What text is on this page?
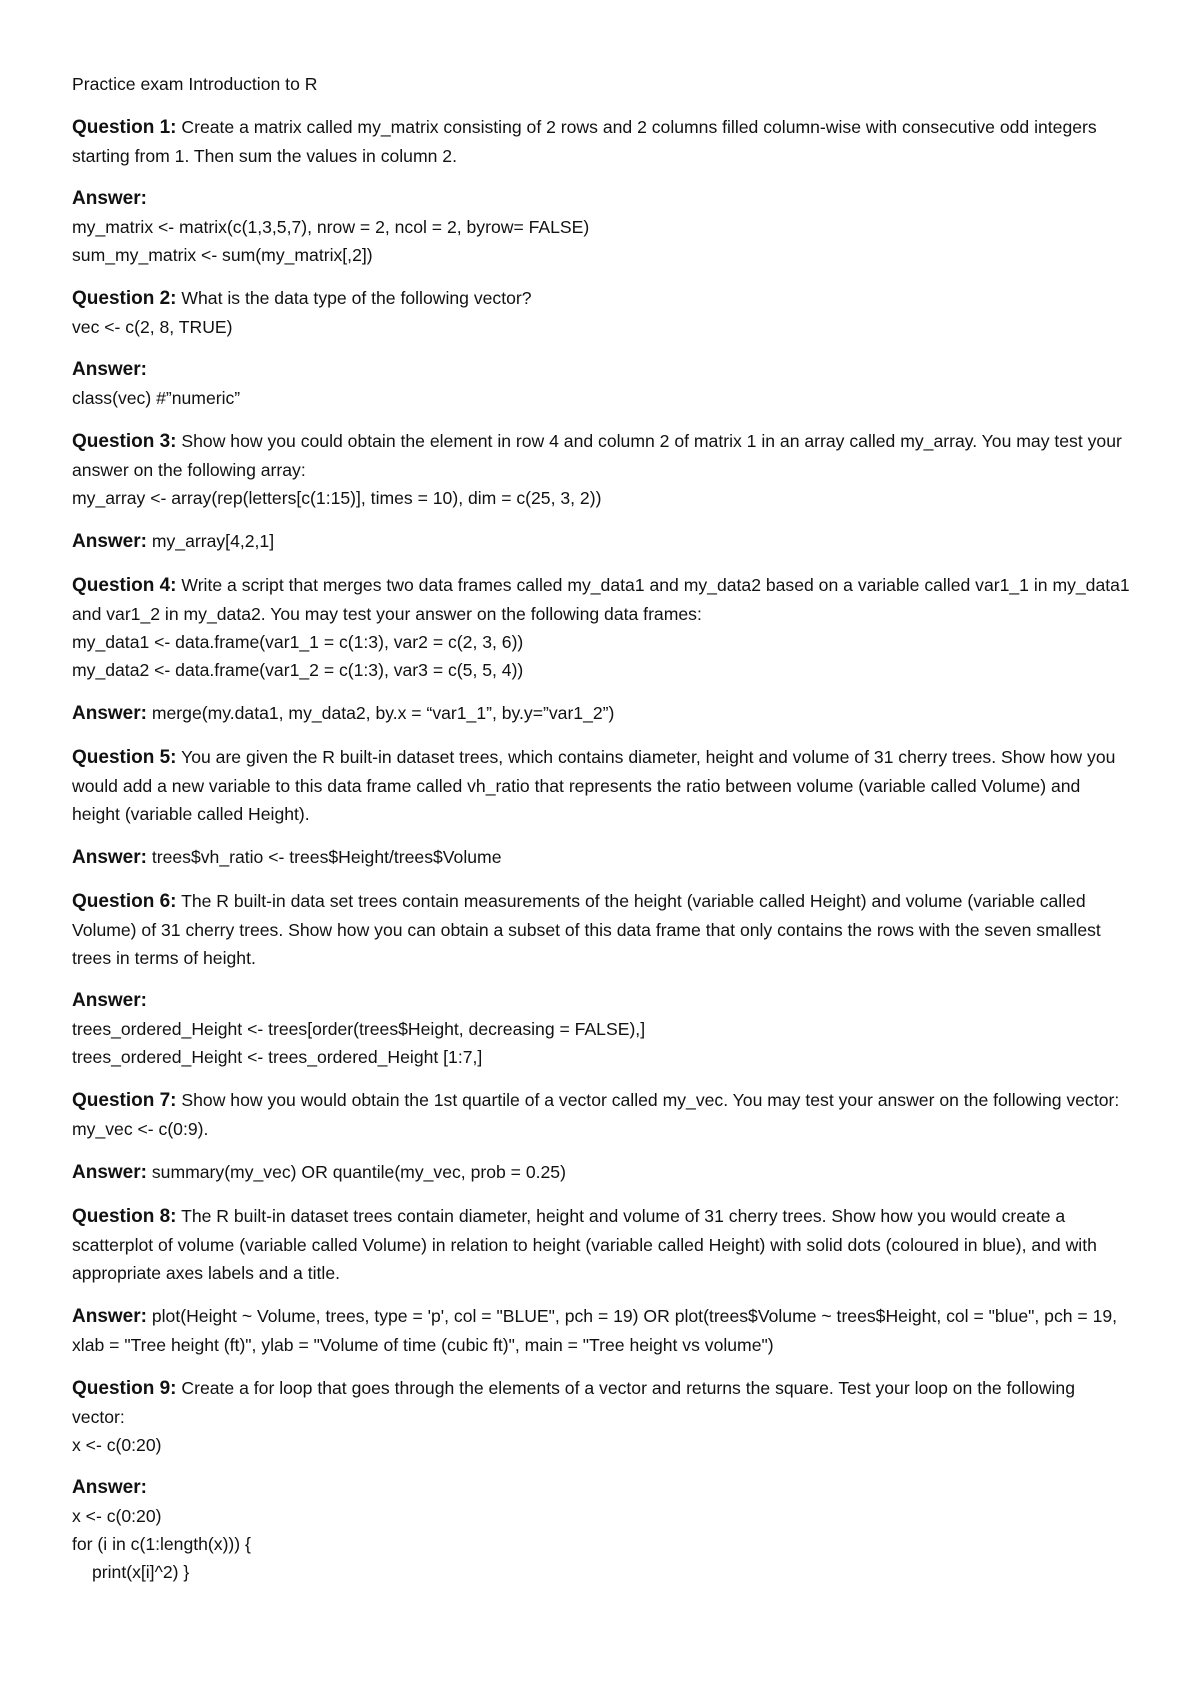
Practice exam Introduction to R
Question 1: Create a matrix called my_matrix consisting of 2 rows and 2 columns filled column-wise with consecutive odd integers starting from 1. Then sum the values in column 2.
Answer:
my_matrix <- matrix(c(1,3,5,7), nrow = 2, ncol = 2, byrow= FALSE)
sum_my_matrix <- sum(my_matrix[,2])
Question 2: What is the data type of the following vector?
vec <- c(2, 8, TRUE)
Answer:
class(vec) #”numeric”
Question 3: Show how you could obtain the element in row 4 and column 2 of matrix 1 in an array called my_array. You may test your answer on the following array:
my_array <- array(rep(letters[c(1:15)], times = 10), dim = c(25, 3, 2))
Answer: my_array[4,2,1]
Question 4: Write a script that merges two data frames called my_data1 and my_data2 based on a variable called var1_1 in my_data1 and var1_2 in my_data2. You may test your answer on the following data frames:
my_data1 <- data.frame(var1_1 = c(1:3), var2 = c(2, 3, 6))
my_data2 <- data.frame(var1_2 = c(1:3), var3 = c(5, 5, 4))
Answer: merge(my.data1, my_data2, by.x = “var1_1”, by.y=”var1_2”)
Question 5: You are given the R built-in dataset trees, which contains diameter, height and volume of 31 cherry trees. Show how you would add a new variable to this data frame called vh_ratio that represents the ratio between volume (variable called Volume) and height (variable called Height).
Answer: trees$vh_ratio <- trees$Height/trees$Volume
Question 6: The R built-in data set trees contain measurements of the height (variable called Height) and volume (variable called Volume) of 31 cherry trees. Show how you can obtain a subset of this data frame that only contains the rows with the seven smallest trees in terms of height.
Answer:
trees_ordered_Height <- trees[order(trees$Height, decreasing = FALSE),]
trees_ordered_Height <- trees_ordered_Height [1:7,]
Question 7: Show how you would obtain the 1st quartile of a vector called my_vec. You may test your answer on the following vector: my_vec <- c(0:9).
Answer: summary(my_vec) OR quantile(my_vec, prob = 0.25)
Question 8: The R built-in dataset trees contain diameter, height and volume of 31 cherry trees. Show how you would create a scatterplot of volume (variable called Volume) in relation to height (variable called Height) with solid dots (coloured in blue), and with appropriate axes labels and a title.
Answer: plot(Height ~ Volume, trees, type = 'p', col = "BLUE", pch = 19) OR plot(trees$Volume ~ trees$Height, col = "blue", pch = 19, xlab = "Tree height (ft)", ylab = "Volume of time (cubic ft)", main = "Tree height vs volume")
Question 9: Create a for loop that goes through the elements of a vector and returns the square. Test your loop on the following vector:
x <- c(0:20)
Answer:
x <- c(0:20)
for (i in c(1:length(x))) {
print(x[i]^2) }
